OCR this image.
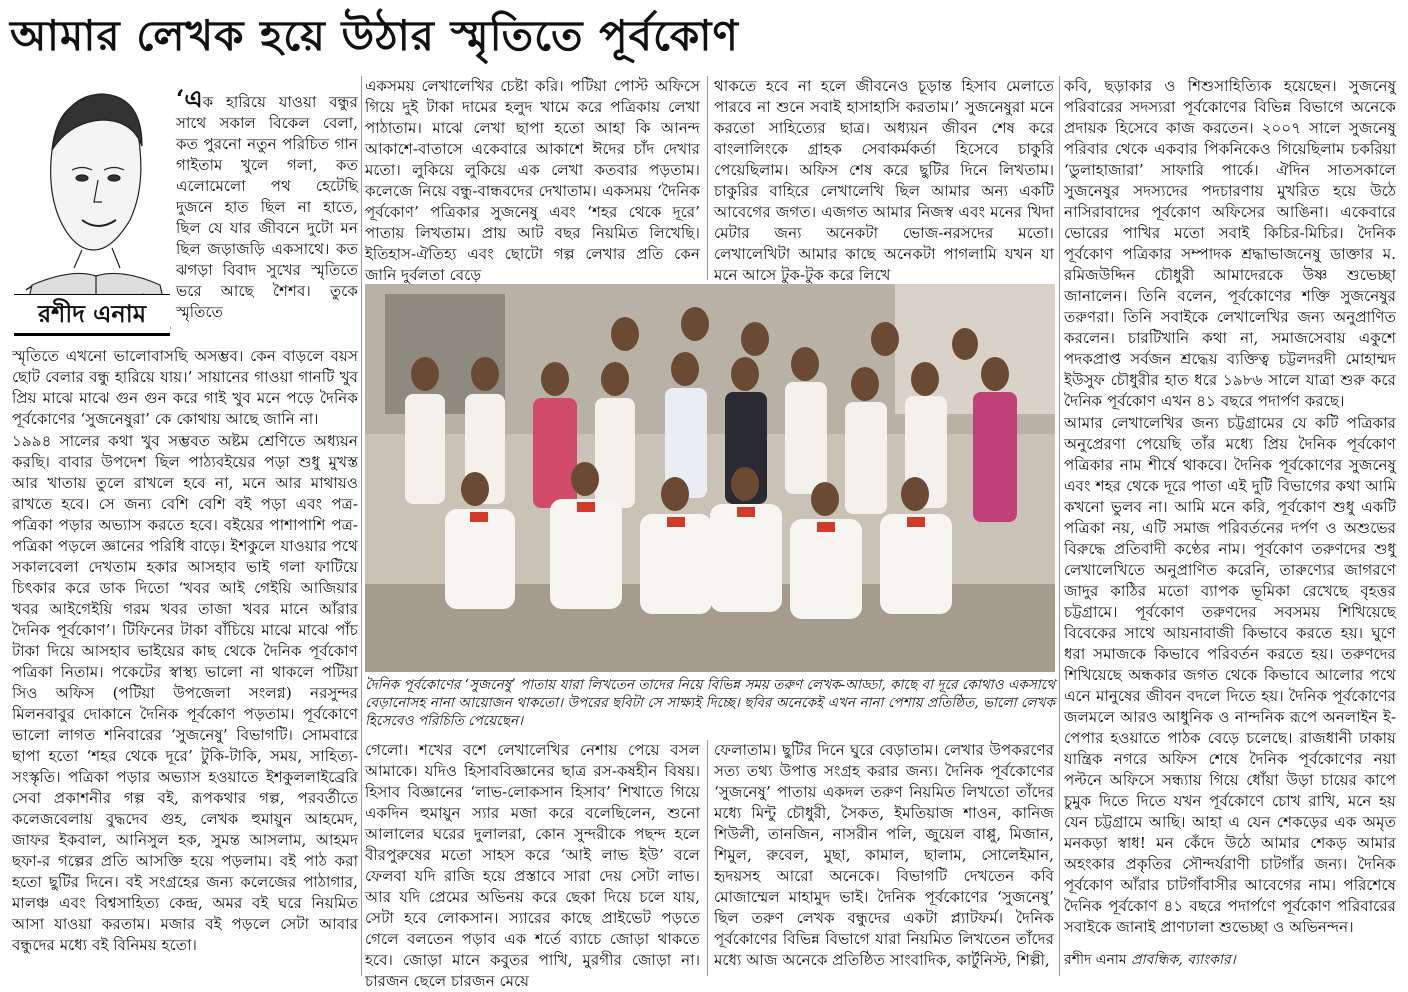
আমার লেখক হয়ে উঠার স্মৃতিতে পূর্বকোণ
রশীদ এনাম
‘এক হারিয়ে যাওয়া বন্ধুর সাথে সকাল বিকেল বেলা, কত পুরনো নতুন পরিচিত গান গাইতাম খুলে গলা, কত এলোমেলো পথ হেটেছি দুজনে হাত ছিল না হাতে, ছিল যে যার জীবনে দুটো মন ছিল জড়াজড়ি একসাথে। কত ঝগড়া বিবাদ সুখের স্মৃতিতে ভরে আছে শৈশব। তুকে স্মৃতিতে

স্মৃতিতে এখনো ভালোবাসছি অসম্ভব। কেন বাড়লে বয়স ছোট বেলার বন্ধু হারিয়ে যায়।’ সায়ানের গাওয়া গানটি খুব প্রিয় মাঝে মাঝে গুন গুন করে গাই খুব মনে পড়ে দৈনিক পূর্বকোণের ‘সুজনেষুরা’ কে কোথায় আছে জানি না।

১৯৯৪ সালের কথা খুব সম্ভবত অষ্টম শ্রেণিতে অধ্যয়ন করছি। বাবার উপদেশ ছিল পাঠ্যবইয়ের পড়া শুধু মুখস্ত আর খাতায় তুলে রাখলে হবে না, মনে আর মাথায়ও রাখতে হবে। সে জন্য বেশি বেশি বই পড়া এবং পত্র-পত্রিকা পড়ার অভ্যাস করতে হবে। বইয়ের পাশাপাশি পত্র-পত্রিকা পড়লে জ্ঞানের পরিধি বাড়ে। ইশকুলে যাওয়ার পথে সকালবেলা দেখতাম হকার আসহাব ভাই গলা ফাটিয়ে চিৎকার করে ডাক দিতো ‘খবর আই গেইয়ি আজিয়ার খবর আইগেইয়ি গরম খবর তাজা খবর মানে আঁরার দৈনিক পূর্বকোণ’। টিফিনের টাকা বাঁচিয়ে মাঝে মাঝে পাঁচ টাকা দিয়ে আসহাব ভাইয়ের কাছ থেকে দৈনিক পূর্বকোণ পত্রিকা নিতাম। পকেটের স্বাস্থ্য ভালো না থাকলে পটিয়া সিও অফিস (পটিয়া উপজেলা সংলগ্ন) নরসুন্দর মিলনবাবুর দোকানে দৈনিক পূর্বকোণ পড়তাম। পূর্বকোণে ভালো লাগত শনিবারের ‘সুজনেষু’ বিভাগটি। সোমবারে ছাপা হতো ‘শহর থেকে দূরে’ টুকি-টাকি, সময়, সাহিত্য-সংস্কৃতি। পত্রিকা পড়ার অভ্যাস হওয়াতে ইশকুললাইব্রেরি সেবা প্রকাশনীর গল্প বই, রূপকথার গল্প, পরবর্তীতে কলেজবেলায় বুদ্ধদেব গুহ, লেখক হুমায়ুন আহমেদ, জাফর ইকবাল, আনিসুল হক, সুমন্ত আসলাম, আহমদ ছফা-র গল্পের প্রতি আসক্তি হয়ে পড়লাম। বই পাঠ করা হতো ছুটির দিনে। বই সংগ্রহের জন্য কলেজের পাঠাগার, মালঞ্চ এবং বিশ্বসাহিত্য কেন্দ্র, অমর বই ঘরে নিয়মিত আসা যাওয়া করতাম। মজার বই পড়লে সেটা আবার বন্ধুদের মধ্যে বই বিনিময় হতো।

একসময় লেখালেখির চেষ্টা করি। পটিয়া পোস্ট অফিসে গিয়ে দুই টাকা দামের হলুদ খামে করে পত্রিকায় লেখা পাঠাতাম। মাঝে লেখা ছাপা হতো আহা কি আনন্দ আকাশে-বাতাসে একেবারে আকাশে ঈদের চাঁদ দেখার মতো। লুকিয়ে লুকিয়ে এক লেখা কতবার পড়তাম। কলেজে নিয়ে বন্ধু-বান্ধবদের দেখাতাম। একসময় ‘দৈনিক পূর্বকোণ’ পত্রিকার সুজনেষু এবং ‘শহর থেকে দূরে’ পাতায় লিখতাম। প্রায় আট বছর নিয়মিত লিখেছি। ইতিহাস-ঐতিহ্য এবং ছোটো গল্প লেখার প্রতি কেন জানি দুর্বলতা বেড়ে

থাকতে হবে না হলে জীবনেও চূড়ান্ত হিসাব মেলাতে পারবে না শুনে সবাই হাসাহাসি করতাম।’ সুজনেষুরা মনে করতো সাহিত্যের ছাত্র। অধ্যয়ন জীবন শেষ করে বাংলালিংকে গ্রাহক সেবাকর্মকর্তা হিসেবে চাকুরি পেয়েছিলাম। অফিস শেষ করে ছুটির দিনে লিখতাম। চাকুরির বাহিরে লেখালেখি ছিল আমার অন্য একটি আবেগের জগত। এজগত আমার নিজস্ব এবং মনের খিদা মেটার জন্য অনেকটা ভোজ-নরসদের মতো। লেখালেখিটা আমার কাছে অনেকটা পাগলামি যখন যা মনে আসে টুক-টুক করে লিখে

দৈনিক পূর্বকোণের ‘সুজনেষু’ পাতায় যারা লিখতেন তাদের নিয়ে বিভিন্ন সময় তরুণ লেখক-আড্ডা, কাছে বা দূরে কোথাও একসাথে বেড়ানোসহ নানা আয়োজন থাকতো। উপরের ছবিটা সে সাক্ষ্যই দিচ্ছে। ছবির অনেকেই এখন নানা পেশায় প্রতিষ্ঠিত, ভালো লেখক হিসেবেও পরিচিতি পেয়েছেন।

গেলো। শখের বশে লেখালেখির নেশায় পেয়ে বসল আমাকে। যদিও হিসাববিজ্ঞানের ছাত্র রস-কষহীন বিষয়। হিসাব বিজ্ঞানের ‘লাভ-লোকসান হিসাব’ শিখাতে গিয়ে একদিন হুমায়ুন স্যার মজা করে বলেছিলেন, শুনো আলালের ঘরের দুলালরা, কোন সুন্দরীকে পছন্দ হলে বীরপুরুষের মতো সাহস করে ‘আই লাভ ইউ’ বলে ফেলবা যদি রাজি হয়ে প্রস্তাবে সারা দেয় সেটা লাভ। আর যদি প্রেমের অভিনয় করে ছেকা দিয়ে চলে যায়, সেটা হবে লোকসান। স্যারের কাছে প্রাইভেট পড়তে গেলে বলতেন পড়াব এক শর্তে ব্যাচে জোড়া থাকতে হবে। জোড়া মানে কবুতর পাখি, মুরগীর জোড়া না। চারজন ছেলে চারজন মেয়ে

ফেলাতাম। ছুটির দিনে ঘুরে বেড়াতাম। লেখার উপকরণের সত্য তথ্য উপাত্ত সংগ্রহ করার জন্য। দৈনিক পূর্বকোণের ‘সুজনেষু’ পাতায় একদল তরুণ নিয়মিত লিখতো তাঁদের মধ্যে মিন্টু চৌধুরী, সৈকত, ইমতিয়াজ শাওন, কানিজ শিউলী, তানজিন, নাসরীন পলি, জুয়েল বাপ্পু, মিজান, শিমুল, রুবেল, মুছা, কামাল, ছালাম, সোলেইমান, হৃদয়সহ আরো অনেকে। বিভাগটি দেখতেন কবি মোজাম্মেল মাহামুদ ভাই। দৈনিক পূর্বকোণের ‘সুজনেষু’ ছিল তরুণ লেখক বন্ধুদের একটা প্ল্যাটফর্ম। দৈনিক পূর্বকোণের বিভিন্ন বিভাগে যারা নিয়মিত লিখতেন তাঁদের মধ্যে আজ অনেকে প্রতিষ্ঠিত সাংবাদিক, কার্টুনিস্ট, শিল্পী,

কবি, ছড়াকার ও শিশুসাহিত্যিক হয়েছেন। সুজনেষু পরিবারের সদস্যরা পূর্বকোণের বিভিন্ন বিভাগে অনেকে প্রদায়ক হিসেবে কাজ করতেন। ২০০৭ সালে সুজনেষু পরিবার থেকে একবার পিকনিকেও গিয়েছিলাম চকরিয়া ‘ডুলাহাজারা’ সাফারি পার্কে। ঐদিন সাতসকালে সুজনেষুর সদস্যদের পদচারণায় মুখরিত হয়ে উঠে নাসিরাবাদের পূর্বকোণ অফিসের আঙিনা। একেবারে ভোরের পাখির মতো সবাই কিচির-মিচির। দৈনিক পূর্বকোণ পত্রিকার সম্পাদক শ্রদ্ধাভাজনেষু ডাক্তার ম. রমিজউদ্দিন চৌধুরী আমাদেরকে উষ্ণ শুভেচ্ছা জানালেন। তিনি বলেন, পূর্বকোণের শক্তি সুজনেষুর তরুণরা। তিনি সবাইকে লেখালেখির জন্য অনুপ্রাণিত করলেন। চারটিখানি কথা না, সমাজসেবায় একুশে পদকপ্রাপ্ত সর্বজন শ্রদ্ধেয় ব্যক্তিত্ব চট্টলদরদী মোহাম্মদ ইউসুফ চৌধুরীর হাত ধরে ১৯৮৬ সালে যাত্রা শুরু করে দৈনিক পূর্বকোণ এখন ৪১ বছরে পদার্পণ করছে।

আমার লেখালেখির জন্য চট্টগ্রামের যে কটি পত্রিকার অনুপ্রেরণা পেয়েছি তাঁর মধ্যে প্রিয় দৈনিক পূর্বকোণ পত্রিকার নাম শীর্ষে থাকবে। দৈনিক পূর্বকোণের সুজনেষু এবং শহর থেকে দূরে পাতা এই দুটি বিভাগের কথা আমি কখনো ভুলব না। আমি মনে করি, পূর্বকোণ শুধু একটি পত্রিকা নয়, এটি সমাজ পরিবর্তনের দর্পণ ও অশুভের বিরুদ্ধে প্রতিবাদী কণ্ঠের নাম। পূর্বকোণ তরুণদের শুধু লেখালেখিতে অনুপ্রাণিত করেনি, তারুণ্যের জাগরণে জাদুর কাঠির মতো ব্যাপক ভূমিকা রেখেছে বৃহত্তর চট্টগ্রামে। পূর্বকোণ তরুণদের সবসময় শিখিয়েছে বিবেকের সাথে আয়নাবাজী কিভাবে করতে হয়। ঘুণে ধরা সমাজকে কিভাবে পরিবর্তন করতে হয়। তরুণদের শিখিয়েছে অন্ধকার জগত থেকে কিভাবে আলোর পথে এনে মানুষের জীবন বদলে দিতে হয়। দৈনিক পূর্বকোণের জলমলে আরও আধুনিক ও নান্দনিক রূপে অনলাইন ই-পেপার হওয়াতে পাঠক বেড়ে চলেছে। রাজধানী ঢাকায় যান্ত্রিক নগরে অফিস শেষে দৈনিক পূর্বকোণের নয়া পল্টনে অফিসে সন্ধ্যায় গিয়ে ধোঁয়া উড়া চায়ের কাপে চুমুক দিতে দিতে যখন পূর্বকোণে চোখ রাখি, মনে হয় যেন চট্টগ্রামে আছি। আহা এ যেন শেকড়ের এক অমৃত মনকড়া স্বাধ! মন কেঁদে উঠে আমার শেকড় আমার অহংকার প্রকৃতির সৌন্দর্যরাণী চাটগাঁর জন্য। দৈনিক পূর্বকোণ আঁরার চাটগাঁবাসীর আবেগের নাম। পরিশেষে দৈনিক পূর্বকোণ ৪১ বছরে পদার্পণে পূর্বকোণ পরিবারের সবাইকে জানাই প্রাণঢালা শুভেচ্ছা ও অভিনন্দন।

রশীদ এনাম প্রাবন্ধিক, ব্যাংকার।
